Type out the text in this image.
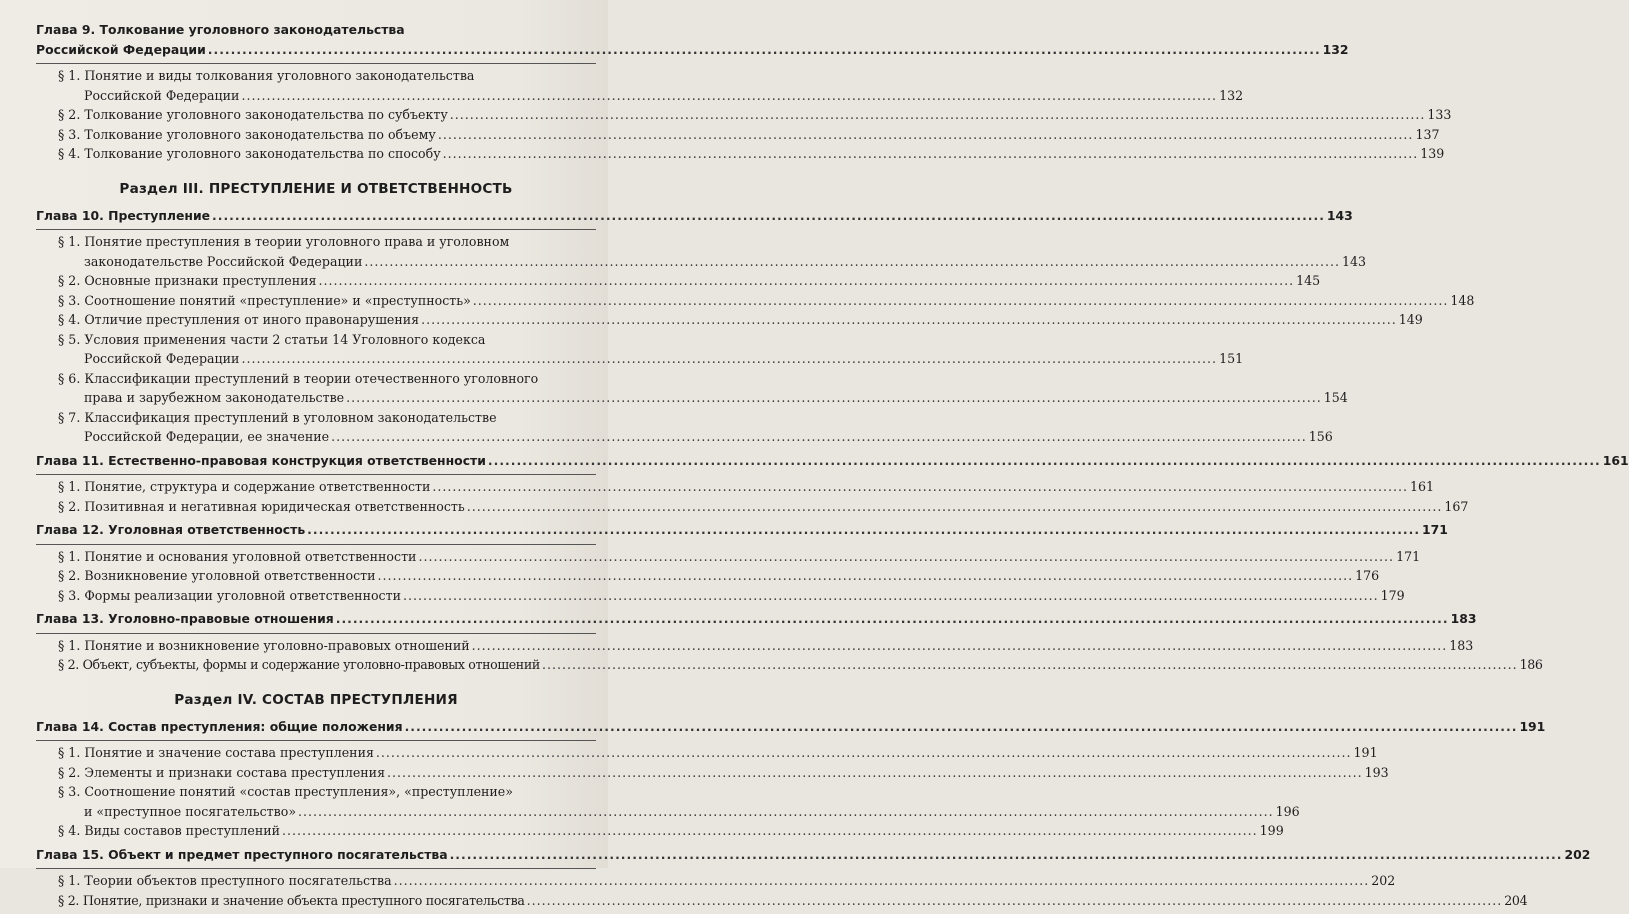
Глава 9. Толкование уголовного законодательства
Российской Федерации .....	132
§ 1. Понятие и виды толкования уголовного законодательства
Российской Федерации .....	132
§ 2. Толкование уголовного законодательства по субъекту .....	133
§ 3. Толкование уголовного законодательства по объему .....	137
§ 4. Толкование уголовного законодательства по способу .....	139
Раздел III. ПРЕСТУПЛЕНИЕ И ОТВЕТСТВЕННОСТЬ
Глава 10. Преступление .....	143
§ 1. Понятие преступления в теории уголовного права и уголовном
законодательстве Российской Федерации .....	143
§ 2. Основные признаки преступления .....	145
§ 3. Соотношение понятий «преступление» и «преступность» .....	148
§ 4. Отличие преступления от иного правонарушения .....	149
§ 5. Условия применения части 2 статьи 14 Уголовного кодекса
Российской Федерации .....	151
§ 6. Классификации преступлений в теории отечественного уголовного
права и зарубежном законодательстве .....	154
§ 7. Классификация преступлений в уголовном законодательстве
Российской Федерации, ее значение .....	156
Глава 11. Естественно-правовая конструкция ответственности .....	161
§ 1. Понятие, структура и содержание ответственности .....	161
§ 2. Позитивная и негативная юридическая ответственность .....	167
Глава 12. Уголовная ответственность .....	171
§ 1. Понятие и основания уголовной ответственности .....	171
§ 2. Возникновение уголовной ответственности .....	176
§ 3. Формы реализации уголовной ответственности .....	179
Глава 13. Уголовно-правовые отношения .....	183
§ 1. Понятие и возникновение уголовно-правовых отношений .....	183
§ 2. Объект, субъекты, формы и содержание уголовно-правовых отношений .....	186
Раздел IV. СОСТАВ ПРЕСТУПЛЕНИЯ
Глава 14. Состав преступления: общие положения .....	191
§ 1. Понятие и значение состава преступления .....	191
§ 2. Элементы и признаки состава преступления .....	193
§ 3. Соотношение понятий «состав преступления», «преступление»
и «преступное посягательство» .....	196
§ 4. Виды составов преступлений .....	199
Глава 15. Объект и предмет преступного посягательства .....	202
§ 1. Теории объектов преступного посягательства .....	202
§ 2. Понятие, признаки и значение объекта преступного посягательства .....	204
